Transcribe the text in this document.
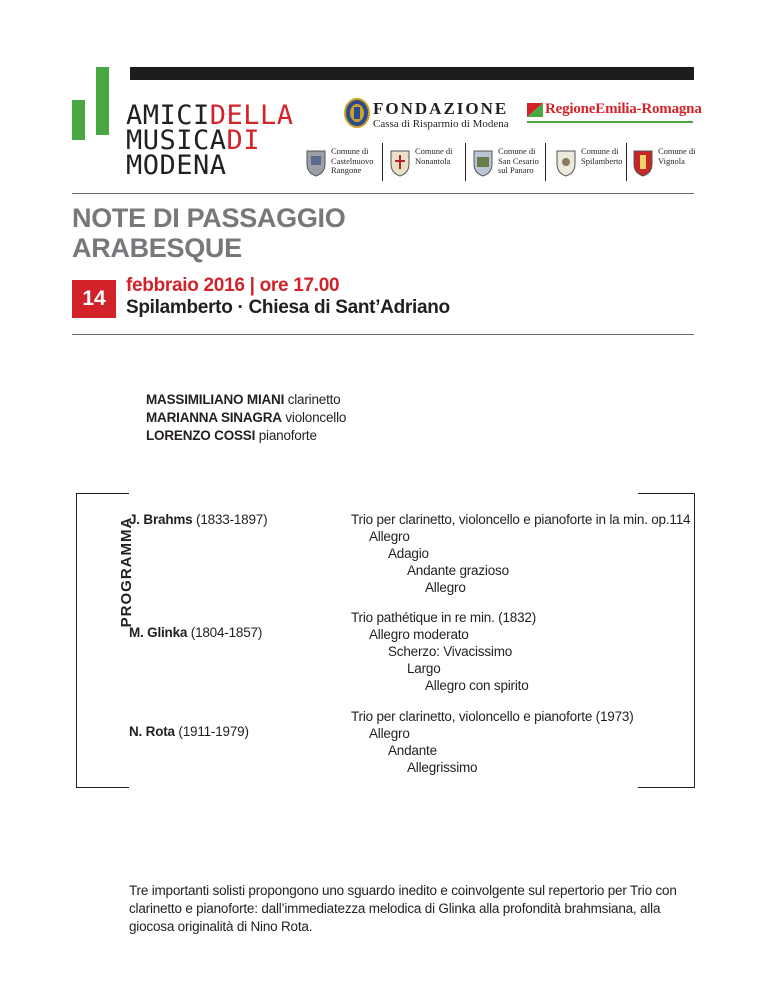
AMICIDELLA
MUSICADI
MODENA
FONDAZIONE
Cassa di Risparmio di Modena
RegioneEmilia-Romagna
Comune di
Castelnuovo
Rangone
Comune di
Nonantola
Comune di
San Cesario
sul Panaro
Comune di
Spilamberto
Comune di
Vignola
NOTE DI PASSAGGIO
ARABESQUE
14
febbraio 2016 | ore 17.00
Spilamberto · Chiesa di Sant’Adriano
MASSIMILIANO MIANI clarinetto
MARIANNA SINAGRA violoncello
LORENZO COSSI pianoforte
PROGRAMMA
J. Brahms (1833-1897)	Trio per clarinetto, violoncello e pianoforte in la min. op.114
Allegro
Adagio
Andante grazioso
Allegro
M. Glinka (1804-1857)
Trio pathétique in re min. (1832)
Allegro moderato
Scherzo: Vivacissimo
Largo
Allegro con spirito
N. Rota (1911-1979)
Trio per clarinetto, violoncello e pianoforte (1973)
Allegro
Andante
Allegrissimo
Tre importanti solisti propongono uno sguardo inedito e coinvolgente sul repertorio per Trio con clarinetto e pianoforte: dall’immediatezza melodica di Glinka alla profondità brahmsiana, alla giocosa originalità di Nino Rota.
